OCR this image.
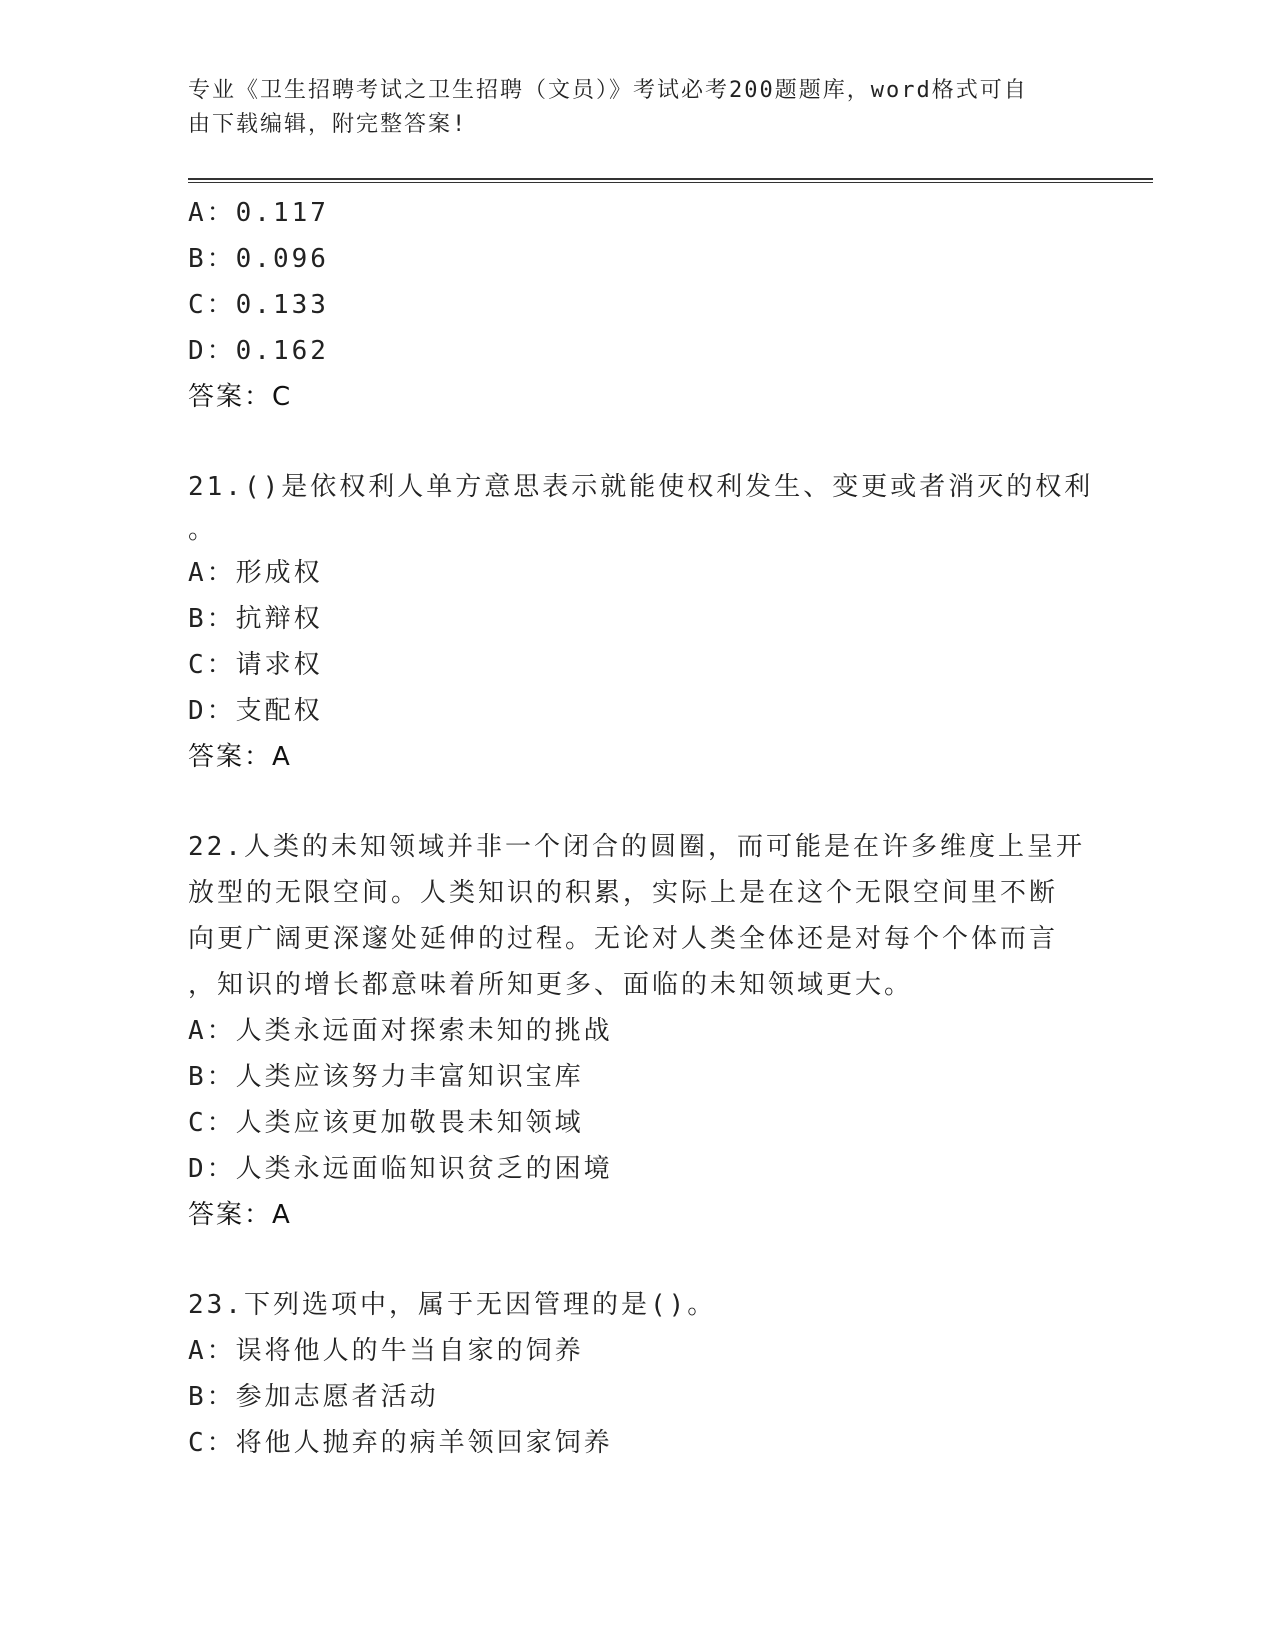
专业《卫生招聘考试之卫生招聘（文员）》考试必考200题题库，word格式可自
由下载编辑，附完整答案!
A：0.117
B：0.096
C：0.133
D：0.162
答案：C
21.()是依权利人单方意思表示就能使权利发生、变更或者消灭的权利
。
A：形成权
B：抗辩权
C：请求权
D：支配权
答案：A
22.人类的未知领域并非一个闭合的圆圈，而可能是在许多维度上呈开
放型的无限空间。人类知识的积累，实际上是在这个无限空间里不断
向更广阔更深邃处延伸的过程。无论对人类全体还是对每个个体而言
，知识的增长都意味着所知更多、面临的未知领域更大。
A：人类永远面对探索未知的挑战
B：人类应该努力丰富知识宝库
C：人类应该更加敬畏未知领域
D：人类永远面临知识贫乏的困境
答案：A
23.下列选项中，属于无因管理的是()。
A：误将他人的牛当自家的饲养
B：参加志愿者活动
C：将他人抛弃的病羊领回家饲养
